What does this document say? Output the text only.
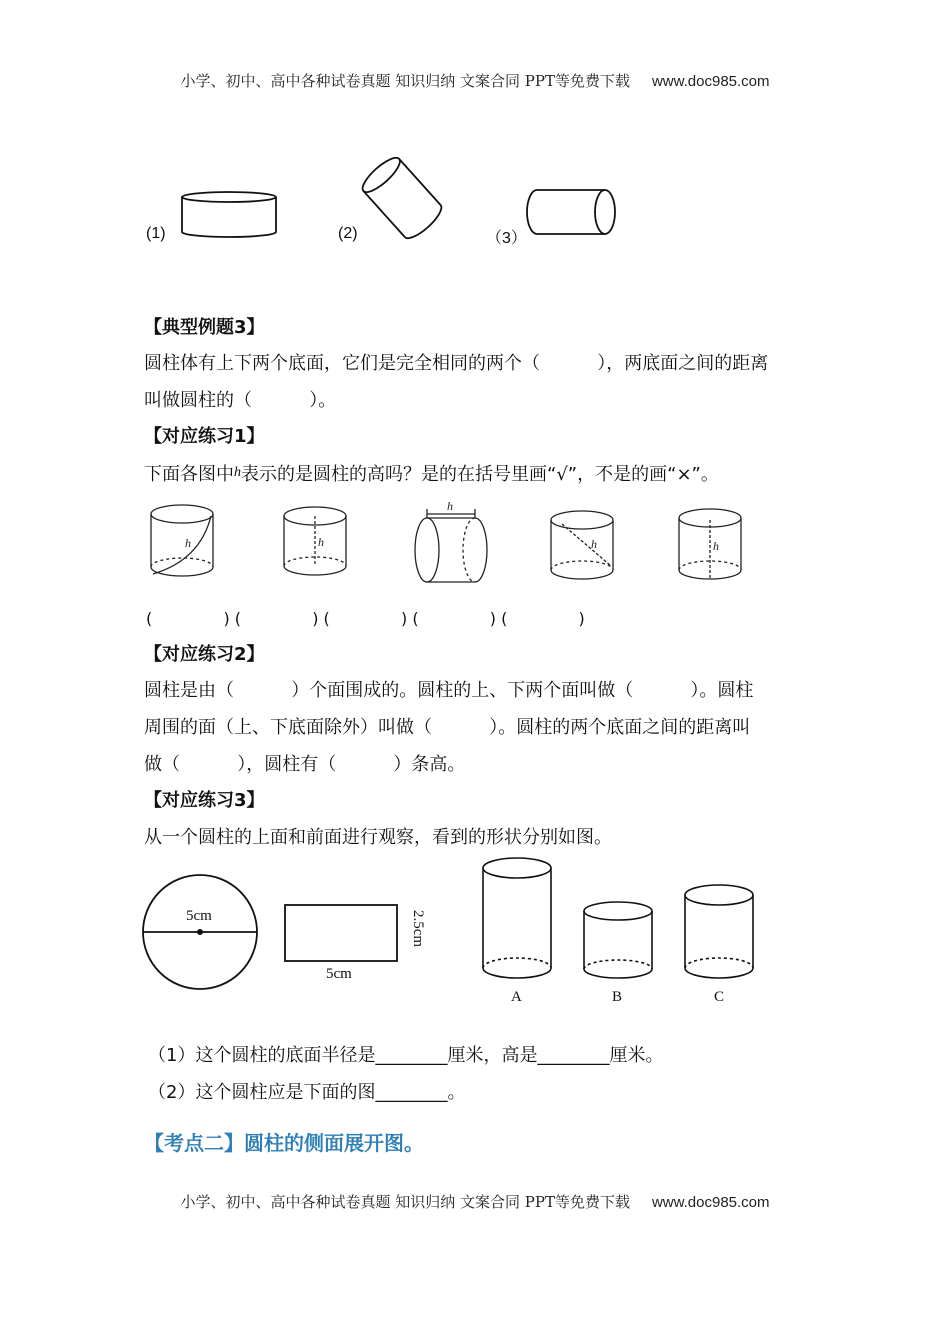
小学、初中、高中各种试卷真题 知识归纳 文案合同 PPT等免费下载 www.doc985.com
(1)	(2)	（3）
【典型例题3】
圆柱体有上下两个底面，它们是完全相同的两个（          ），两底面之间的距离
叫做圆柱的（          ）。
【对应练习1】
下面各图中$^h$表示的是圆柱的高吗？是的在括号里画“√”，不是的画“×”。
h	h
h
h	h
(              ) (              ) (              ) (              ) (              )
【对应练习2】
圆柱是由（          ）个面围成的。圆柱的上、下两个面叫做（          ）。圆柱
周围的面（上、下底面除外）叫做（          ）。圆柱的两个底面之间的距离叫
做（          ），圆柱有（          ）条高。
【对应练习3】
从一个圆柱的上面和前面进行观察，看到的形状分别如图。
5cm
5cm
2.5cm
A	B	C
（1）这个圆柱的底面半径是________厘米，高是________厘米。
（2）这个圆柱应是下面的图________。
【考点二】圆柱的侧面展开图。
小学、初中、高中各种试卷真题 知识归纳 文案合同 PPT等免费下载 www.doc985.com
